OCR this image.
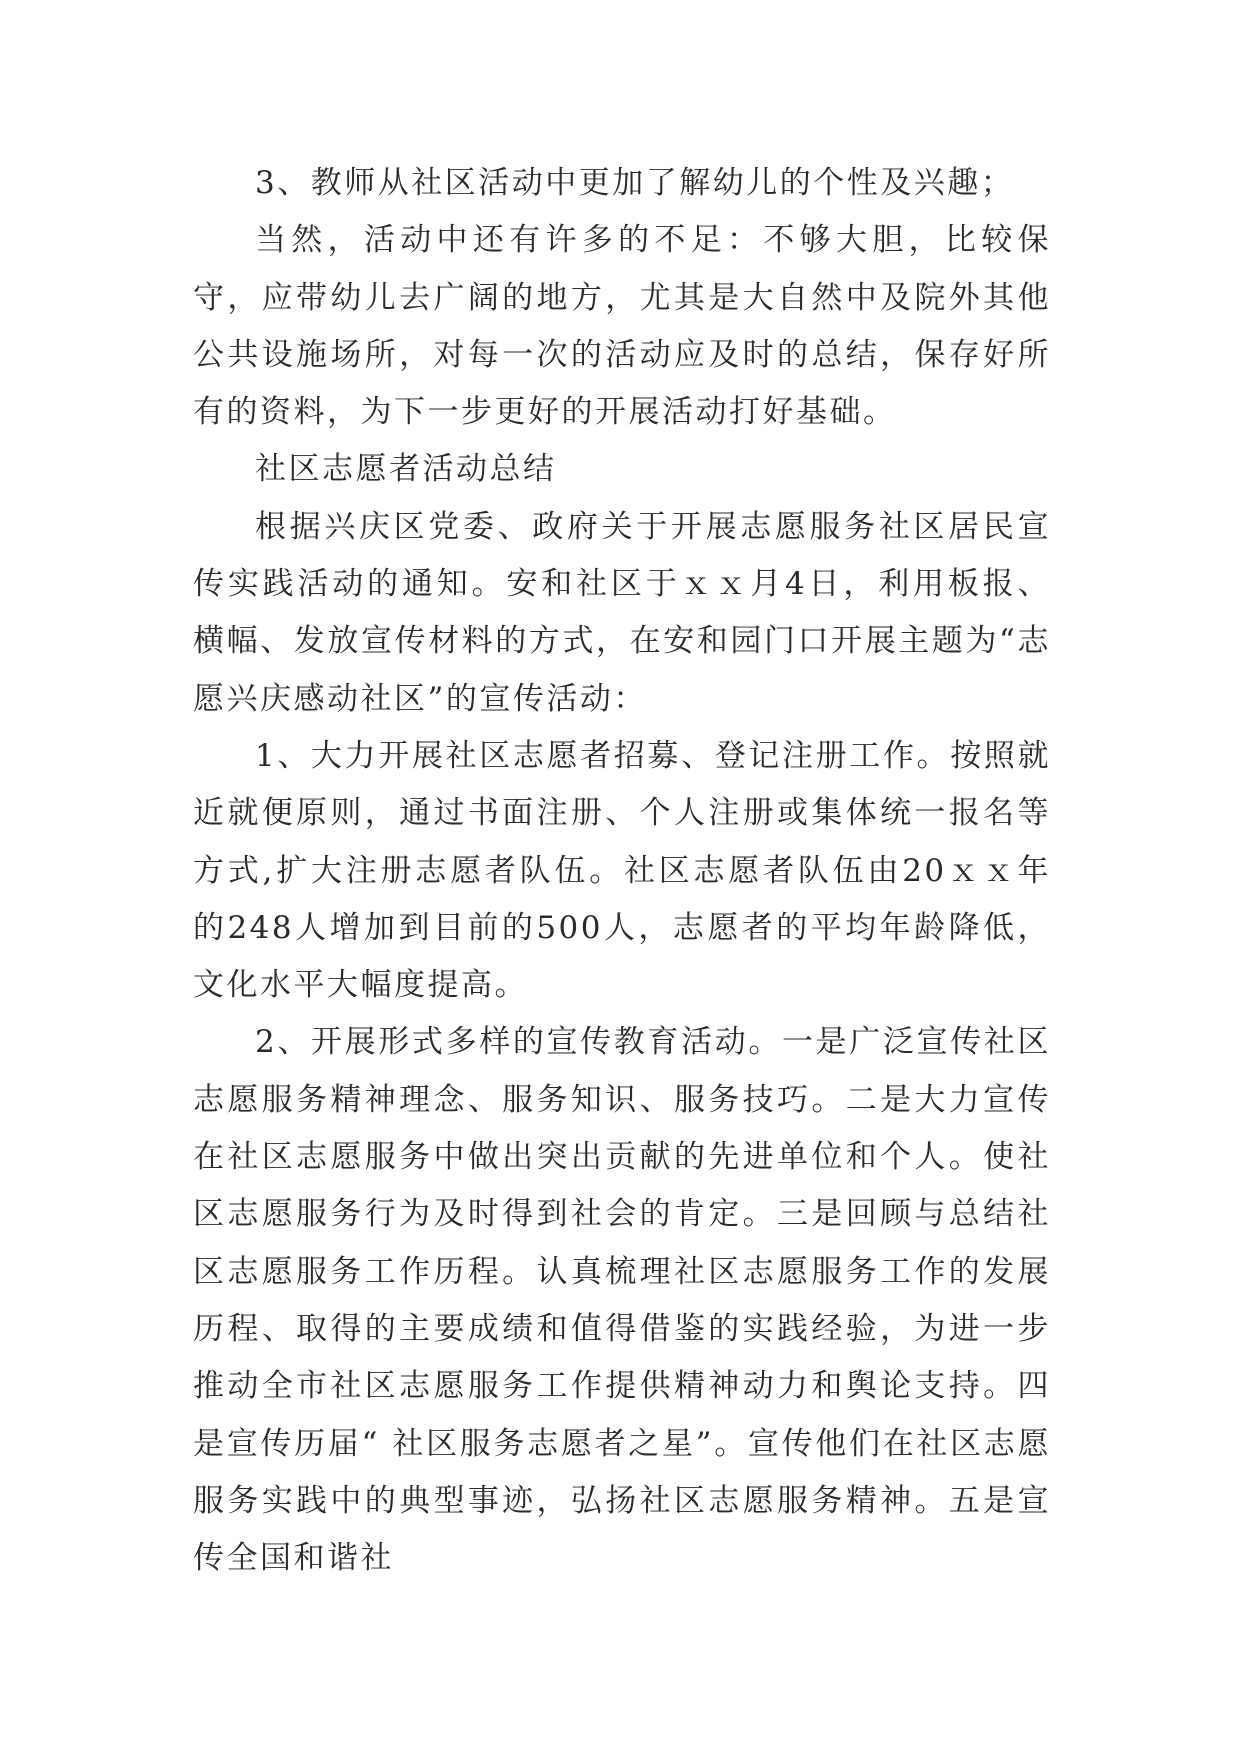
3、教师从社区活动中更加了解幼儿的个性及兴趣；

当然，活动中还有许多的不足：不够大胆，比较保守，应带幼儿去广阔的地方，尤其是大自然中及院外其他公共设施场所，对每一次的活动应及时的总结，保存好所有的资料，为下一步更好的开展活动打好基础。

社区志愿者活动总结

根据兴庆区党委、政府关于开展志愿服务社区居民宣传实践活动的通知。安和社区于ｘｘ月4日，利用板报、横幅、发放宣传材料的方式，在安和园门口开展主题为“志愿兴庆感动社区”的宣传活动：

1、大力开展社区志愿者招募、登记注册工作。按照就近就便原则，通过书面注册、个人注册或集体统一报名等方式,扩大注册志愿者队伍。社区志愿者队伍由20ｘｘ年的248人增加到目前的500人，志愿者的平均年龄降低，文化水平大幅度提高。

2、开展形式多样的宣传教育活动。一是广泛宣传社区志愿服务精神理念、服务知识、服务技巧。二是大力宣传在社区志愿服务中做出突出贡献的先进单位和个人。使社区志愿服务行为及时得到社会的肯定。三是回顾与总结社区志愿服务工作历程。认真梳理社区志愿服务工作的发展历程、取得的主要成绩和值得借鉴的实践经验，为进一步推动全市社区志愿服务工作提供精神动力和舆论支持。四是宣传历届“ 社区服务志愿者之星”。宣传他们在社区志愿服务实践中的典型事迹，弘扬社区志愿服务精神。五是宣传全国和谐社
